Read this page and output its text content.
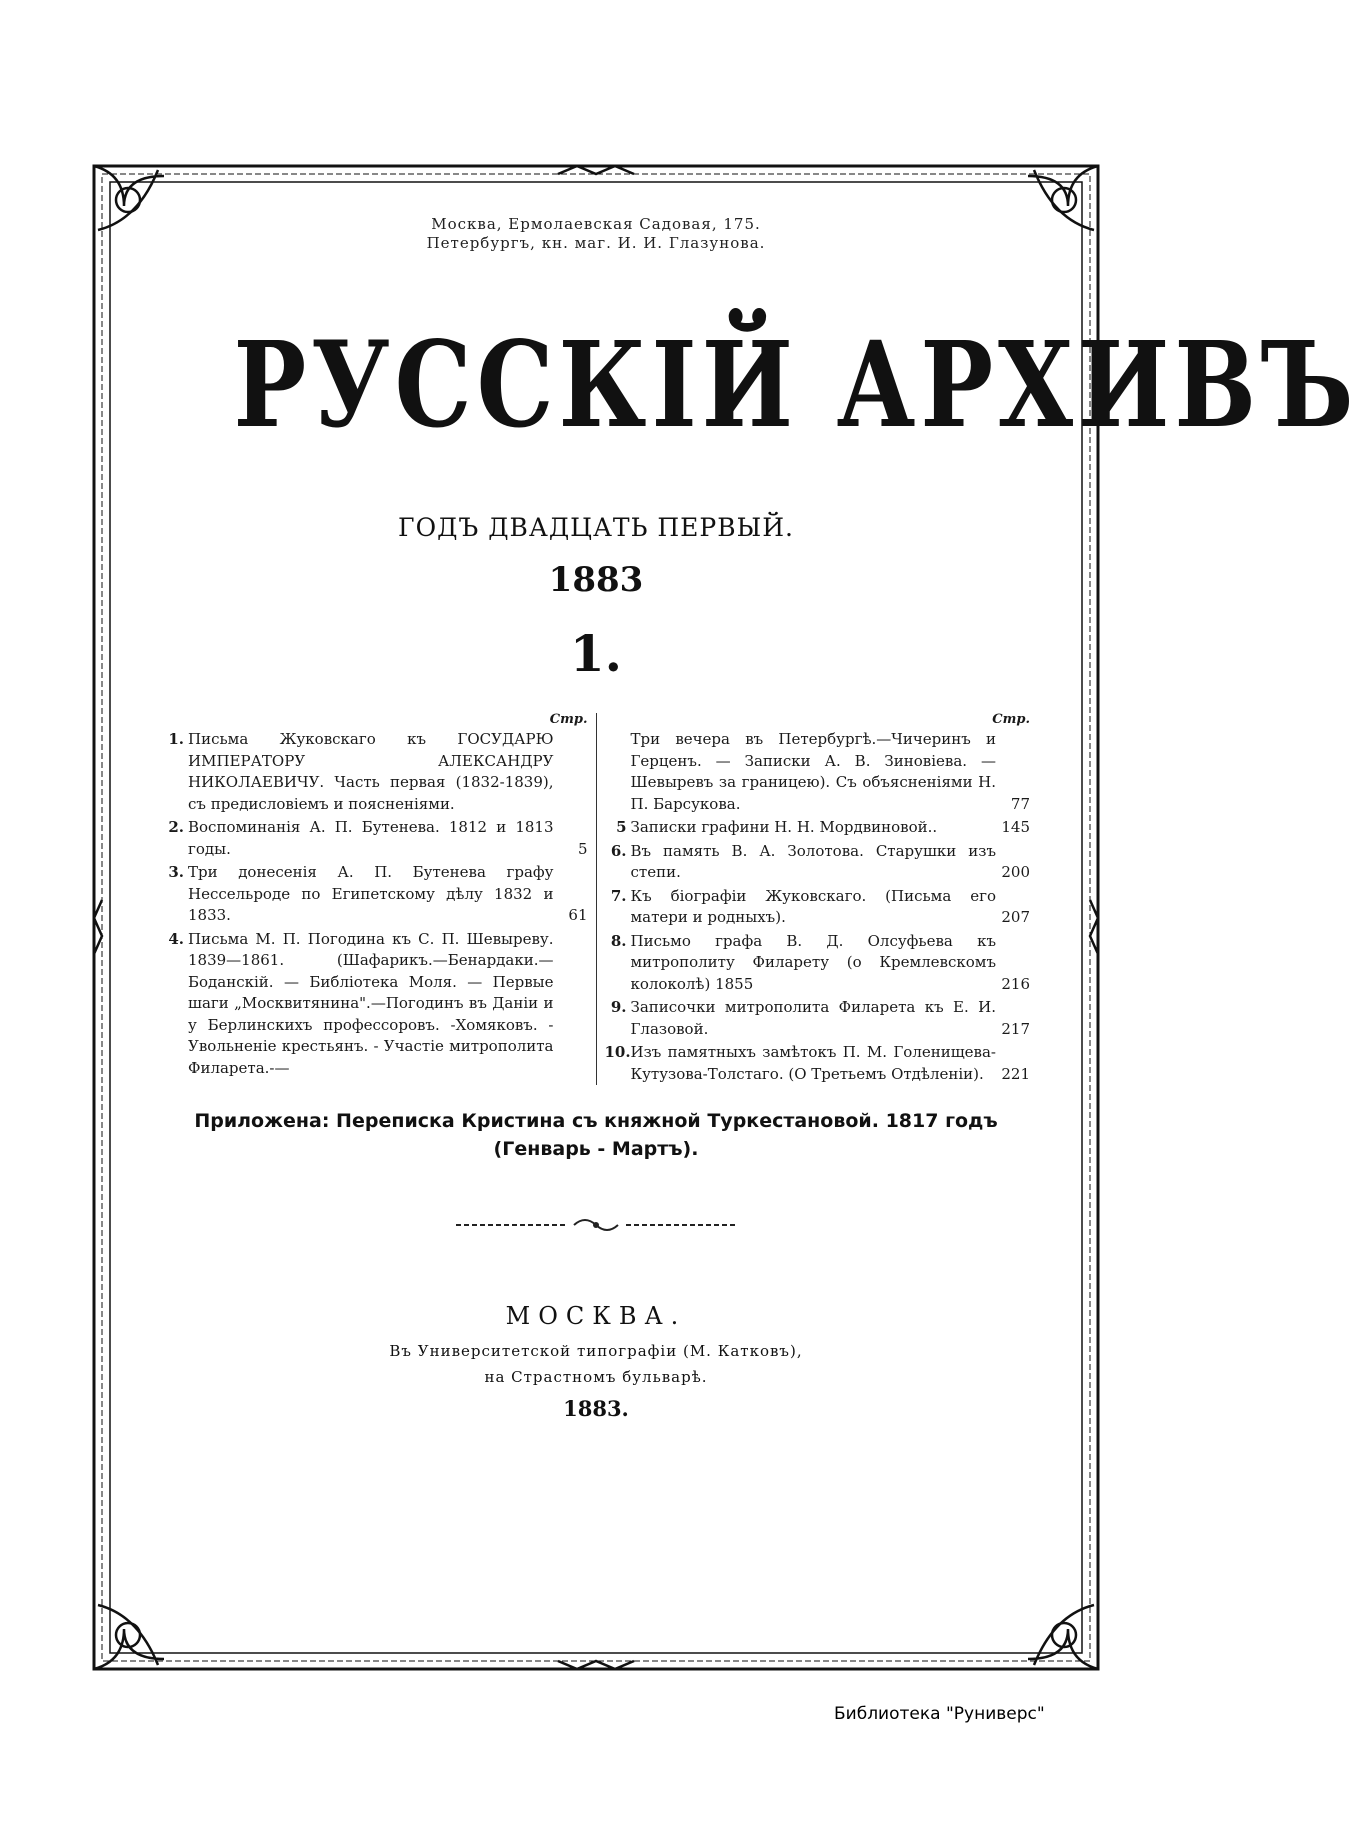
Москва, Ермолаевская Садовая, 175.
Петербургъ, кн. маг. И. И. Глазунова.
РУССКІЙ АРХИВЪ
ГОДЪ ДВАДЦАТЬ ПЕРВЫЙ.
1883
1.
Стр.
1. Письма Жуковскаго къ ГОСУДАРЮ ИМПЕРАТОРУ АЛЕКСАНДРУ НИКОЛАЕВИЧУ. Часть первая (1832-1839), съ предисловіемъ и поясненіями.
2. Воспоминанія А. П. Бутенева. 1812 и 1813 годы.	5
3. Три донесенія А. П. Бутенева графу Нессельроде по Египетскому дѣлу 1832 и 1833.	61
4. Письма М. П. Погодина къ С. П. Шевыреву. 1839—1861. (Шафарикъ.—Бенардаки.—Боданскій. — Библіотека Моля. — Первые шаги „Москвитянина".—Погодинъ въ Даніи и у Берлинскихъ профессоровъ. -Хомяковъ. - Увольненіе крестьянъ. - Участіе митрополита Филарета.-—
Стр.
Три вечера въ Петербургѣ.—Чичеринъ и Герценъ. — Записки А. В. Зиновіева. — Шевыревъ за границею). Съ объясненіями Н. П. Барсукова.	77
5 Записки графини Н. Н. Мордвиновой..	145
6. Въ память В. А. Золотова. Старушки изъ степи.	200
7. Къ біографіи Жуковскаго. (Письма его матери и родныхъ).	207
8. Письмо графа В. Д. Олсуфьева къ митрополиту Филарету (о Кремлевскомъ колоколѣ) 1855	216
9. Записочки митрополита Филарета къ Е. И. Глазовой.	217
10. Изъ памятныхъ замѣтокъ П. М. Голенищева-Кутузова-Толстаго. (О Третьемъ Отдѣленіи).	221
Приложена: Переписка Кристина съ княжной Туркестановой. 1817 годъ
(Генварь - Мартъ).
МОСКВА.
Въ Университетской типографіи (М. Катковъ),
на Страстномъ бульварѣ.
1883.
Библиотека "Руниверс"
